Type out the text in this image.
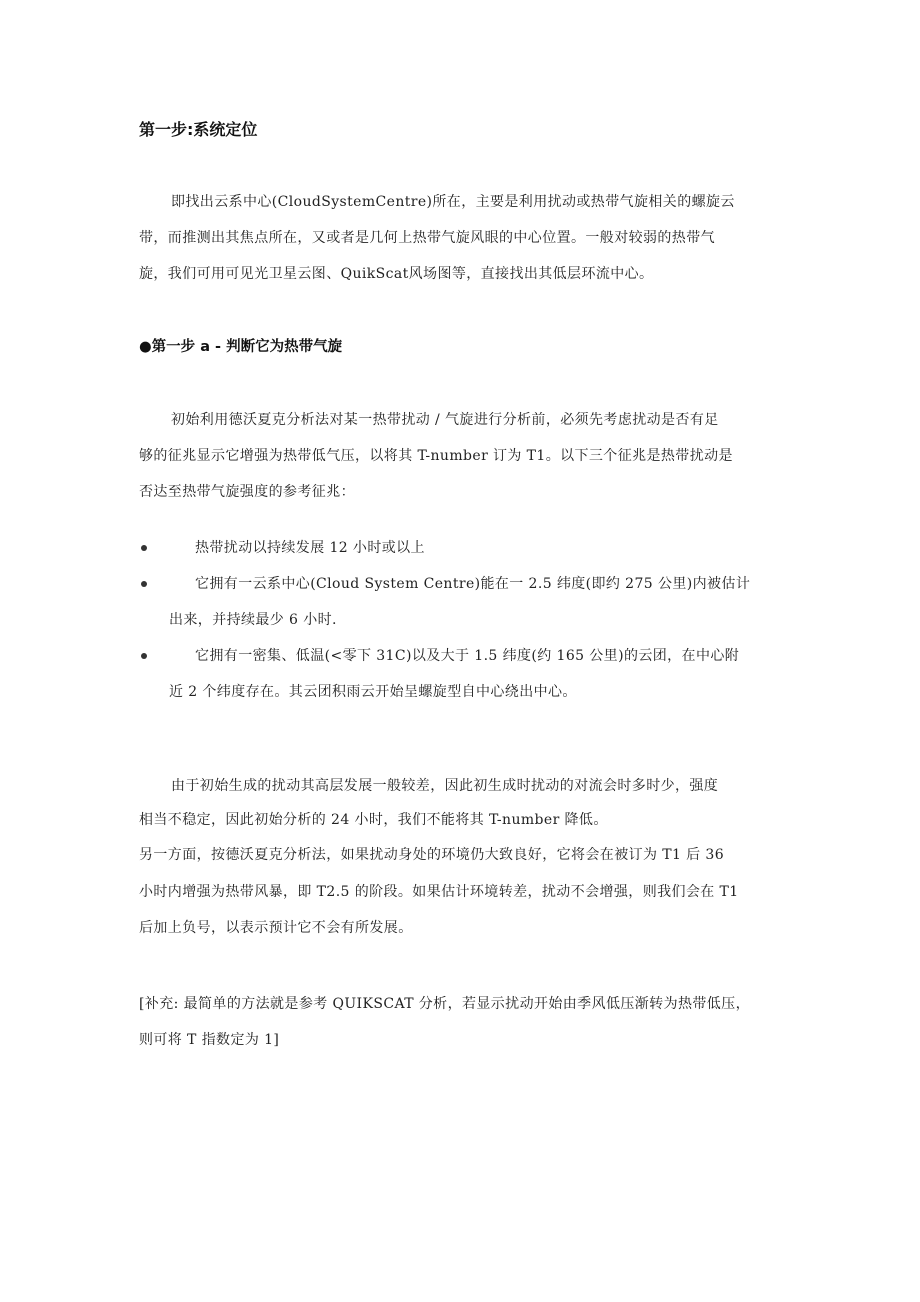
第一步:系统定位
即找出云系中心(CloudSystemCentre)所在，主要是利用扰动或热带气旋相关的螺旋云
带，而推测出其焦点所在，又或者是几何上热带气旋风眼的中心位置。一般对较弱的热带气
旋，我们可用可见光卫星云图、QuikScat风场图等，直接找出其低层环流中心。
●第一步 a - 判断它为热带气旋
初始利用德沃夏克分析法对某一热带扰动 / 气旋进行分析前，必须先考虑扰动是否有足
够的征兆显示它增强为热带低气压，以将其 T-number 订为 T1。以下三个征兆是热带扰动是
否达至热带气旋强度的参考征兆：
热带扰动以持续发展 12 小时或以上
它拥有一云系中心(Cloud System Centre)能在一 2.5 纬度(即约 275 公里)内被估计
出来，并持续最少 6 小时.
它拥有一密集、低温(<零下 31C)以及大于 1.5 纬度(约 165 公里)的云团，在中心附
近 2 个纬度存在。其云团积雨云开始呈螺旋型自中心绕出中心。
由于初始生成的扰动其高层发展一般较差，因此初生成时扰动的对流会时多时少，强度
相当不稳定，因此初始分析的 24 小时，我们不能将其 T-number 降低。
另一方面，按德沃夏克分析法，如果扰动身处的环境仍大致良好，它将会在被订为 T1 后 36
小时内增强为热带风暴，即 T2.5 的阶段。如果估计环境转差，扰动不会增强，则我们会在 T1
后加上负号，以表示预计它不会有所发展。
[补充: 最简单的方法就是参考 QUIKSCAT 分析，若显示扰动开始由季风低压渐转为热带低压，
则可将 T 指数定为 1]
